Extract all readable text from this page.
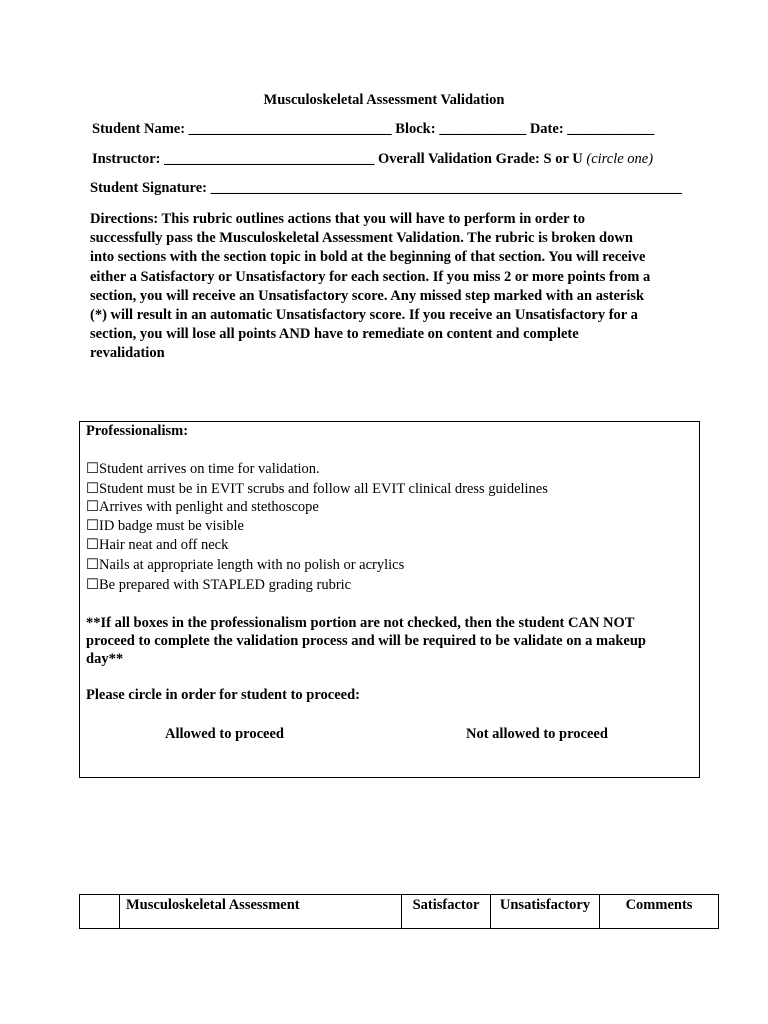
Musculoskeletal Assessment Validation
Student Name: ____________________________ Block: ____________ Date: ____________
Instructor: _____________________________ Overall Validation Grade: S or U (circle one)
Student Signature: _________________________________________________________________
Directions: This rubric outlines actions that you will have to perform in order to
successfully pass the Musculoskeletal Assessment Validation. The rubric is broken down
into sections with the section topic in bold at the beginning of that section. You will receive
either a Satisfactory or Unsatisfactory for each section. If you miss 2 or more points from a
section, you will receive an Unsatisfactory score. Any missed step marked with an asterisk
(*) will result in an automatic Unsatisfactory score. If you receive an Unsatisfactory for a
section, you will lose all points AND have to remediate on content and complete
revalidation
Professionalism:
☐Student arrives on time for validation.
☐Student must be in EVIT scrubs and follow all EVIT clinical dress guidelines
☐Arrives with penlight and stethoscope
☐ID badge must be visible
☐Hair neat and off neck
☐Nails at appropriate length with no polish or acrylics
☐Be prepared with STAPLED grading rubric
**If all boxes in the professionalism portion are not checked, then the student CAN NOT
proceed to complete the validation process and will be required to be validate on a makeup
day**
Please circle in order for student to proceed:
Allowed to proceed	Not allowed to proceed
	Musculoskeletal Assessment	Satisfactor	Unsatisfactory	Comments
